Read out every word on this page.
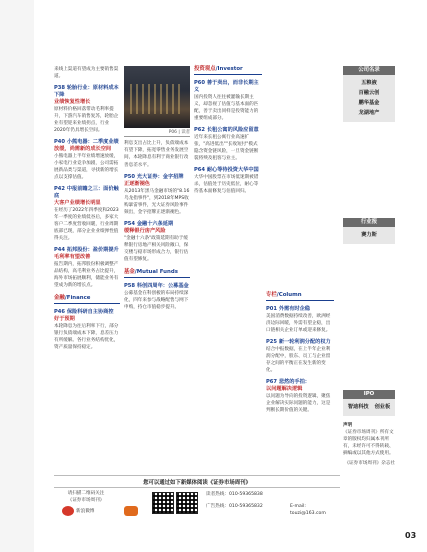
来线上渠道有望成为主要销售渠道。

P38 轮胎行业：原材料成本下降
业绩恢复性增长
原材料价格回落带动毛利率提升，下游汽车销售复苏，轮胎企业有望迎来业绩拐点，行业2020年仍具增长空间。
P40 小熊电器：二季度业绩
放缓，尚需新的成长空间
小熊电器上半年业绩增速放缓，小家电行业竞争加剧，公司需拓展新品类与渠道，寻找新的增长点以支撑估值。
P42 中报前瞻之三：面价触底
大客户业绩增长明显
在经历了2022年四季度和2023年一季度的业绩低谷后，多家大客户二季度营收回暖，行业周期底部已现，部分企业业绩弹性值得关注。
P44 拓邦股份：盈价期提升
毛利率有望改善
报告期内，拓邦股份积极调整产品结构，高毛利业务占比提升，海外市场拓展顺利，储能业务有望成为新的增长点。
金融/Finance
P46 保险科研自主协商控
好于预期
本轮降息为往后利率下行，部分银行负债端成本下降，息差压力有所缓解。各行业务结构优化，资产质量保持稳定。
P06 | 读者

利息支出占比上升，负债端成本有望下降，拓宽零售业务发展空间，本轮降息有利于商业银行改善息差水平。

P50 光大证券：金字招牌
正逐渐褪色
从2013年黑马金融市场的"8.16乌龙指事件"，到2018年MPS收购暴雷事件，光大证券风险事件频出，金字招牌正逐渐褪色。
P54 金融十六条延期
缓释银行房产风险
"金融十六条"政策延期有助于缓释银行房地产相关风险敞口，保交楼与稳市场形成合力，银行估值有望修复。
基金/Mutual Funds
P58 科创四周年：公募基金
公募基金在科创板的布局持续深化，四年来参与战略配售与网下申购，持仓市值稳步提升。
投资观点/Investor
P60 善于卖出，而非长期主义
国内投资人往往被灌输长期主义，却忽视了估值与基本面的匹配，善于卖出同样是投资能力的重要组成部分。
P62 长租公寓的风险应留意
近年来长租公寓行业高速扩张，"高进低出""长收短付"模式隐含资金链风险，一旦资金链断裂将殃及租客与业主。
P64 耐心等待投资大华中国
大华中国股票在市场低迷期被错杀，估值处于历史低位，耐心等待基本面修复与估值回归。
专栏/Column
P01 外需有时企稳
美国消费数据持续改善，欧洲经济边际回暖，外需有望企稳，出口链相关企业订单或迎来修复。
P25 新一轮利润分配的权力
结合中报数据，在上半年企业利润分配中，股东、员工与企业留存之间的平衡正在发生新的变化。
P67 悲然的手拍：
以问题解决逻辑
以问题为导向的投资逻辑，聚焦企业解决实际问题的能力，这是判断长期价值的关键。
公司名录
五粮液
百融云创
鹏华基金
龙湖地产
行业报
赛力斯
IPO
智迪科技 创业板
声明
《证券市场周刊》所有文章的版权均归属本刊所有，未经许可不得转载、摘编或以其他方式使用。
《证券市场周刊》杂志社
您可以通过如下新媒体阅读《证券市场周刊》
请扫描二维码关注
《证券市场周刊》
新浪微博
读者热线：010-59365838
广告热线：010-59365832	E-mail:
touzi@163.com
03
